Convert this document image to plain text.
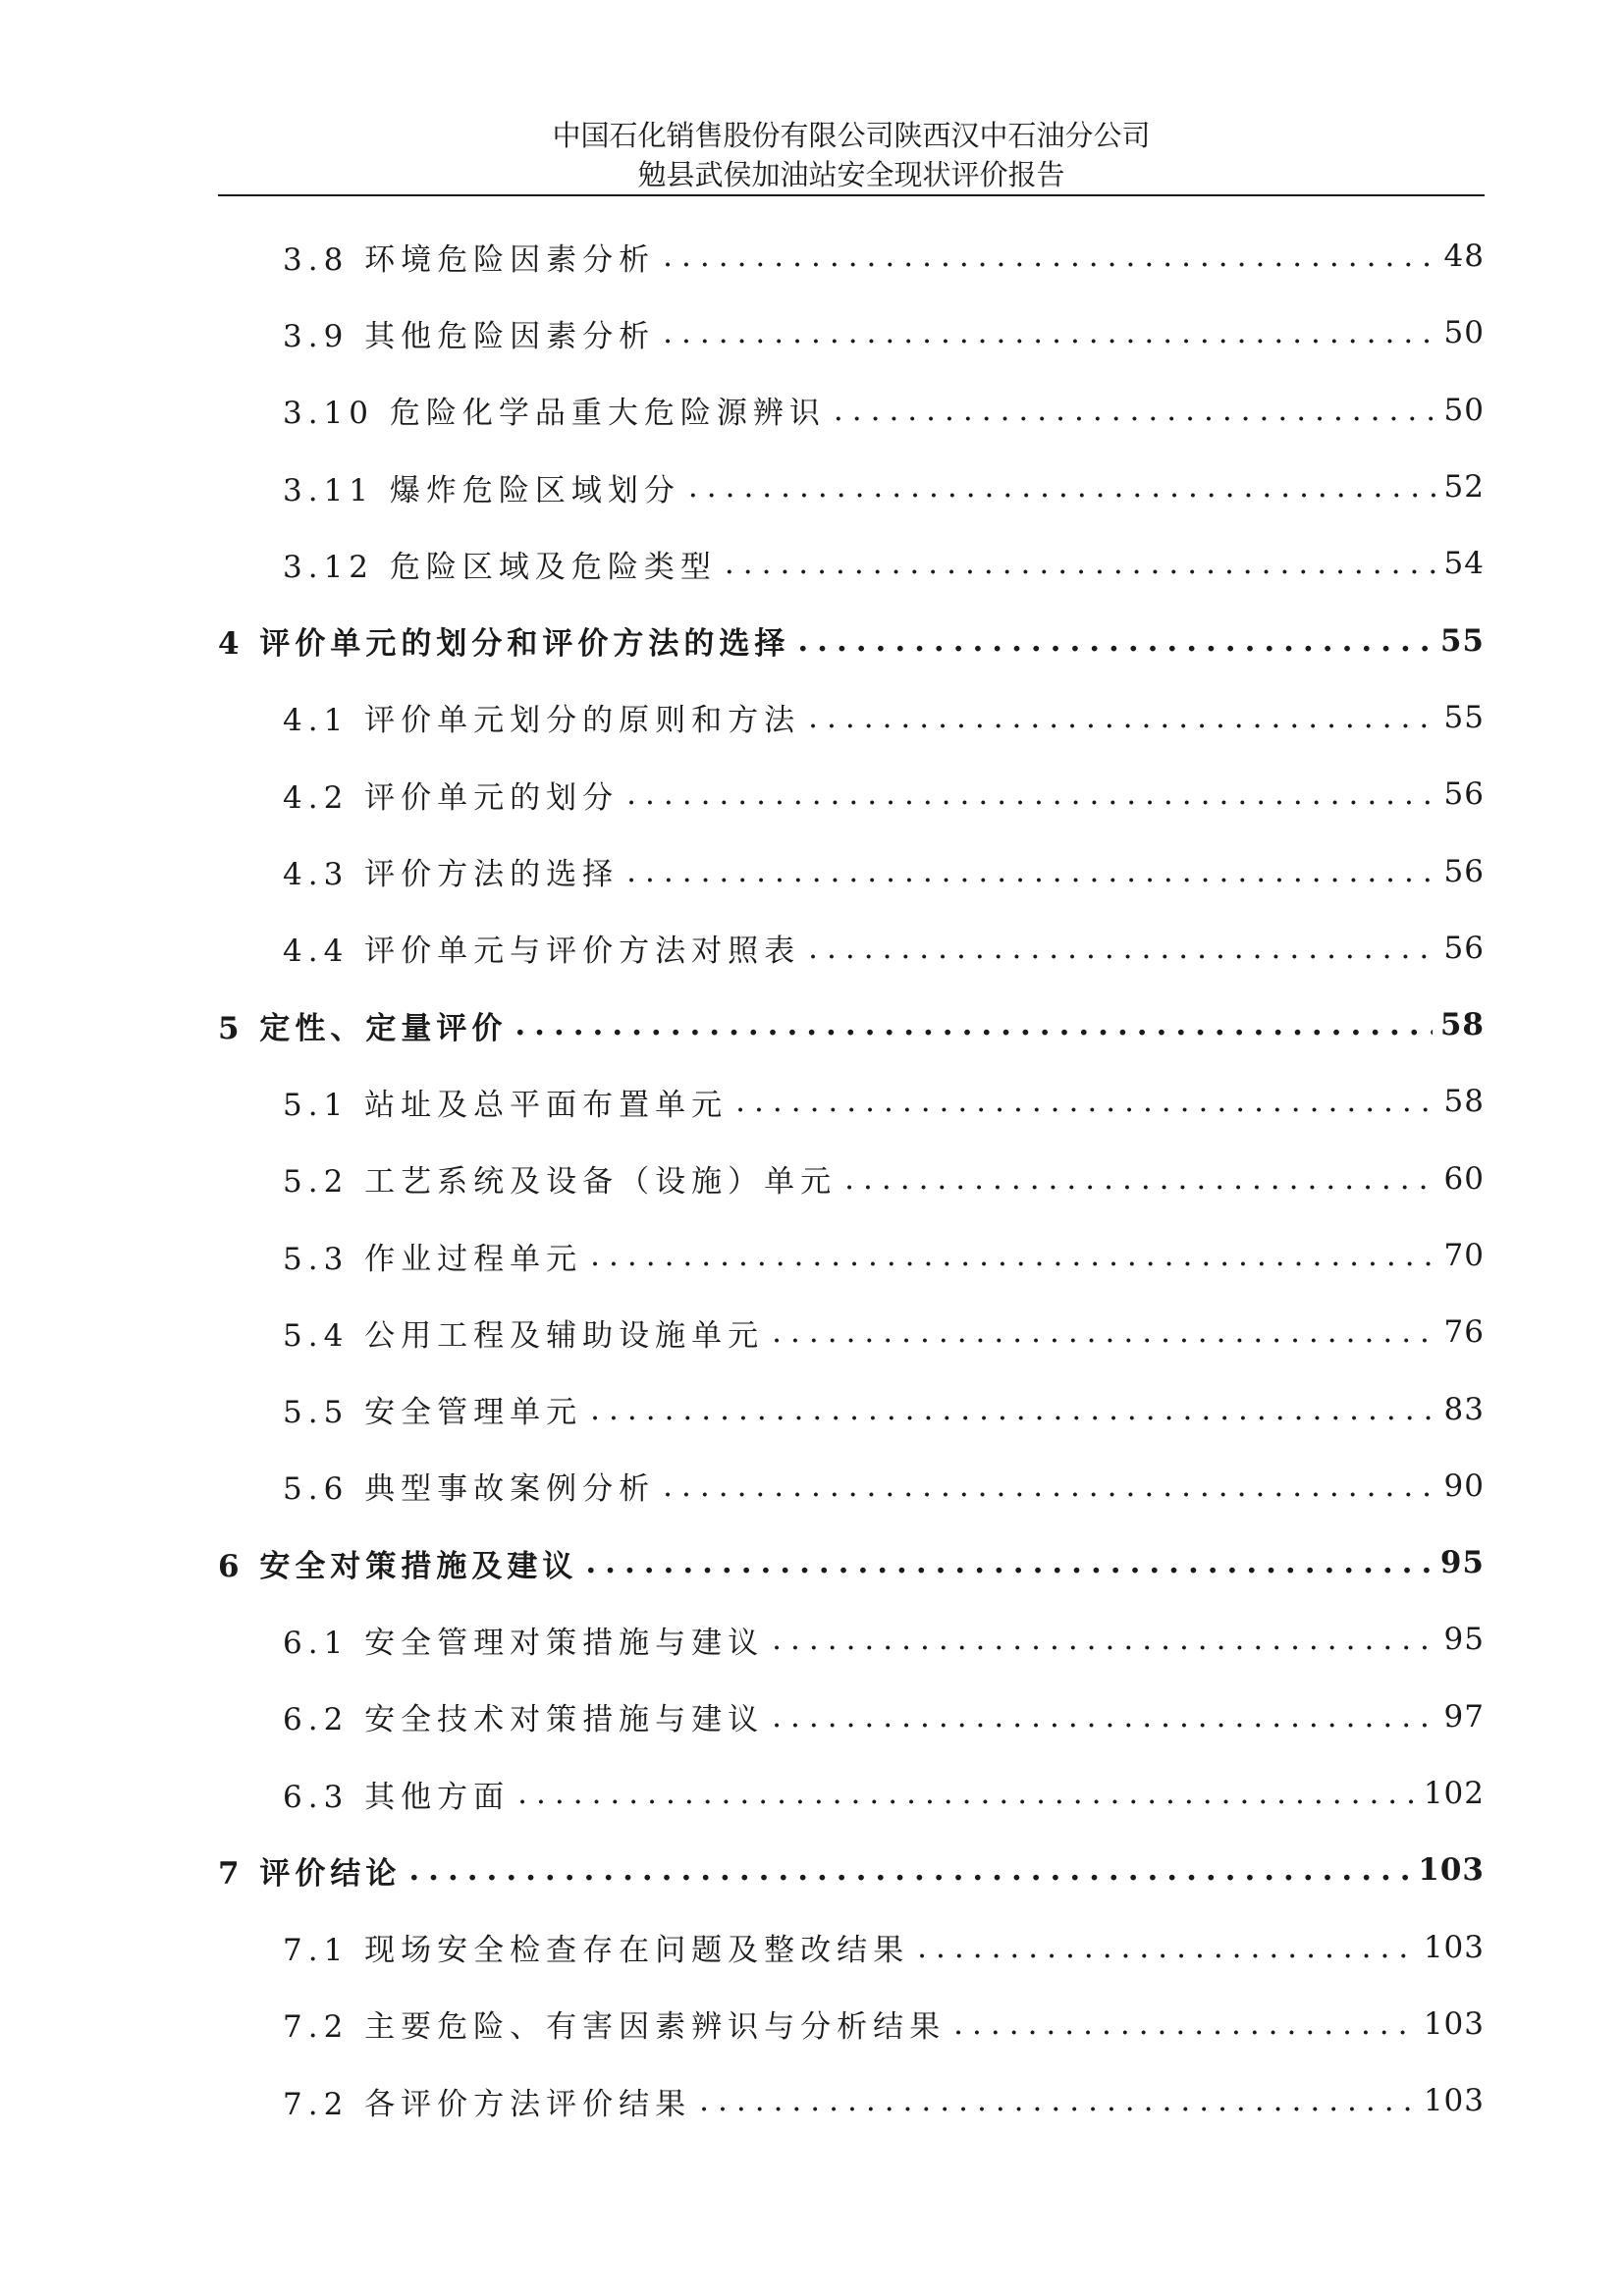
中国石化销售股份有限公司陕西汉中石油分公司
勉县武侯加油站安全现状评价报告
3.8 环境危险因素分析 .....	48
3.9 其他危险因素分析 .....	50
3.10 危险化学品重大危险源辨识 .....	50
3.11 爆炸危险区域划分 .....	52
3.12 危险区域及危险类型 .....	54
4 评价单元的划分和评价方法的选择 .....	55
4.1 评价单元划分的原则和方法 .....	55
4.2 评价单元的划分 .....	56
4.3 评价方法的选择 .....	56
4.4 评价单元与评价方法对照表 .....	56
5 定性、定量评价 .....	58
5.1 站址及总平面布置单元 .....	58
5.2 工艺系统及设备（设施）单元 .....	60
5.3 作业过程单元 .....	70
5.4 公用工程及辅助设施单元 .....	76
5.5 安全管理单元 .....	83
5.6 典型事故案例分析 .....	90
6 安全对策措施及建议 .....	95
6.1 安全管理对策措施与建议 .....	95
6.2 安全技术对策措施与建议 .....	97
6.3 其他方面 .....	102
7 评价结论 .....	103
7.1 现场安全检查存在问题及整改结果 .....	103
7.2 主要危险、有害因素辨识与分析结果 .....	103
7.2 各评价方法评价结果 .....	103
